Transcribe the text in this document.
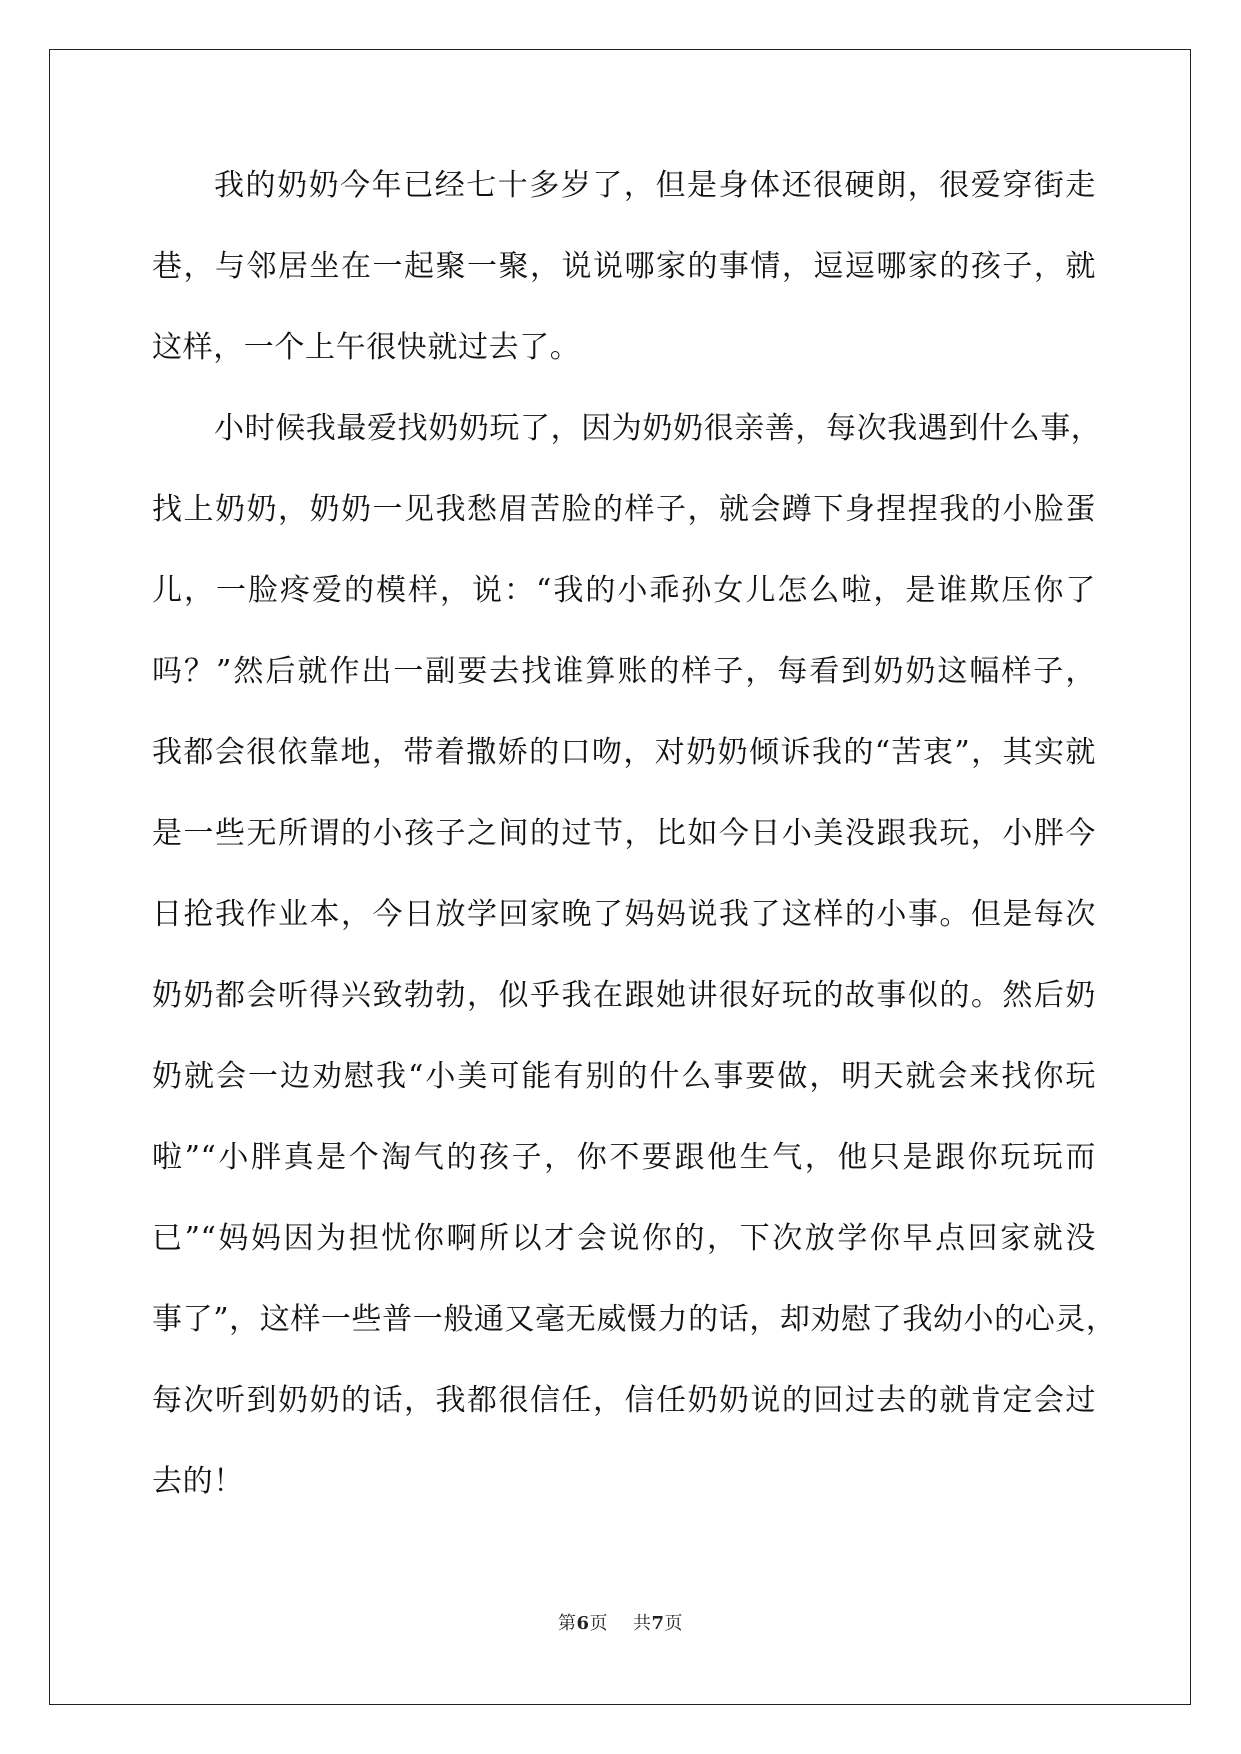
我的奶奶今年已经七十多岁了，但是身体还很硬朗，很爱穿街走
巷，与邻居坐在一起聚一聚，说说哪家的事情，逗逗哪家的孩子，就
这样，一个上午很快就过去了。
小时候我最爱找奶奶玩了，因为奶奶很亲善，每次我遇到什么事，
找上奶奶，奶奶一见我愁眉苦脸的样子，就会蹲下身捏捏我的小脸蛋
儿，一脸疼爱的模样，说：“我的小乖孙女儿怎么啦，是谁欺压你了
吗？”然后就作出一副要去找谁算账的样子，每看到奶奶这幅样子，
我都会很依靠地，带着撒娇的口吻，对奶奶倾诉我的“苦衷”，其实就
是一些无所谓的小孩子之间的过节，比如今日小美没跟我玩，小胖今
日抢我作业本，今日放学回家晚了妈妈说我了这样的小事。但是每次
奶奶都会听得兴致勃勃，似乎我在跟她讲很好玩的故事似的。然后奶
奶就会一边劝慰我“小美可能有别的什么事要做，明天就会来找你玩
啦”“小胖真是个淘气的孩子，你不要跟他生气，他只是跟你玩玩而
已”“妈妈因为担忧你啊所以才会说你的，下次放学你早点回家就没
事了”，这样一些普一般通又毫无威慑力的话，却劝慰了我幼小的心灵，
每次听到奶奶的话，我都很信任，信任奶奶说的回过去的就肯定会过
去的！
第6页 共7页
